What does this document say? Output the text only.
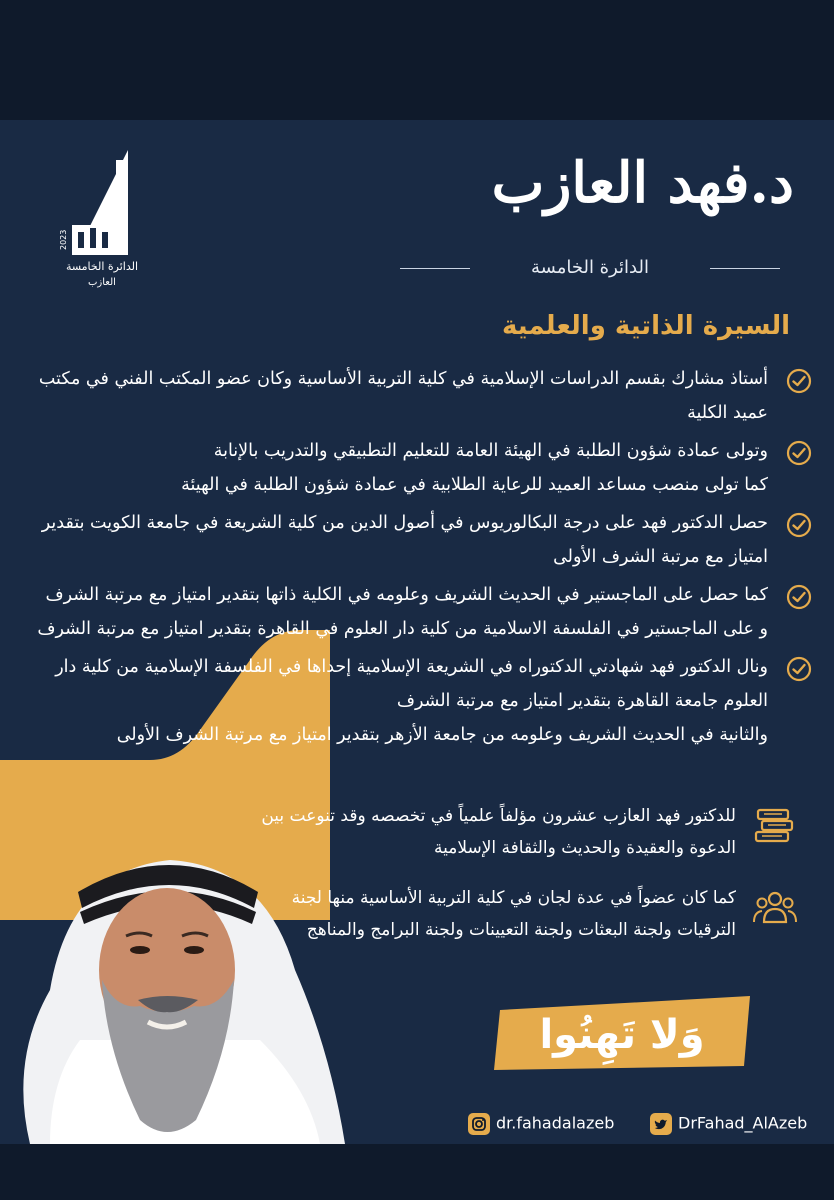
الدائرة الخامسة
2023
العازب
د.فهد العازب
الدائرة الخامسة
السيرة الذاتية والعلمية
أستاذ مشارك بقسم الدراسات الإسلامية في كلية التربية الأساسية وكان عضو المكتب الفني في مكتب
عميد الكلية
وتولى عمادة شؤون الطلبة في الهيئة العامة للتعليم التطبيقي والتدريب بالإنابة
كما تولى منصب مساعد العميد للرعاية الطلابية في عمادة شؤون الطلبة في الهيئة
حصل الدكتور فهد على درجة البكالوريوس في أصول الدين من كلية الشريعة في جامعة الكويت بتقدير
امتياز مع مرتبة الشرف الأولى
كما حصل على الماجستير في الحديث الشريف وعلومه في الكلية ذاتها بتقدير امتياز مع مرتبة الشرف
و على الماجستير في الفلسفة الاسلامية من كلية دار العلوم في القاهرة بتقدير امتياز مع مرتبة الشرف
ونال الدكتور فهد شهادتي الدكتوراه في الشريعة الإسلامية إحداها في الفلسفة الإسلامية من كلية دار
العلوم جامعة القاهرة بتقدير امتياز مع مرتبة الشرف
والثانية في الحديث الشريف وعلومه من جامعة الأزهر بتقدير امتياز مع مرتبة الشرف الأولى
للدكتور فهد العازب عشرون مؤلفاً علمياً في تخصصه وقد تنوعت بين
الدعوة والعقيدة والحديث والثقافة الإسلامية
كما كان عضواً في عدة لجان في كلية التربية الأساسية منها لجنة
الترقيات ولجنة البعثات ولجنة التعيينات ولجنة البرامج والمناهج
وَلا تَهِنُوا
dr.fahadalazeb	DrFahad_AlAzeb
